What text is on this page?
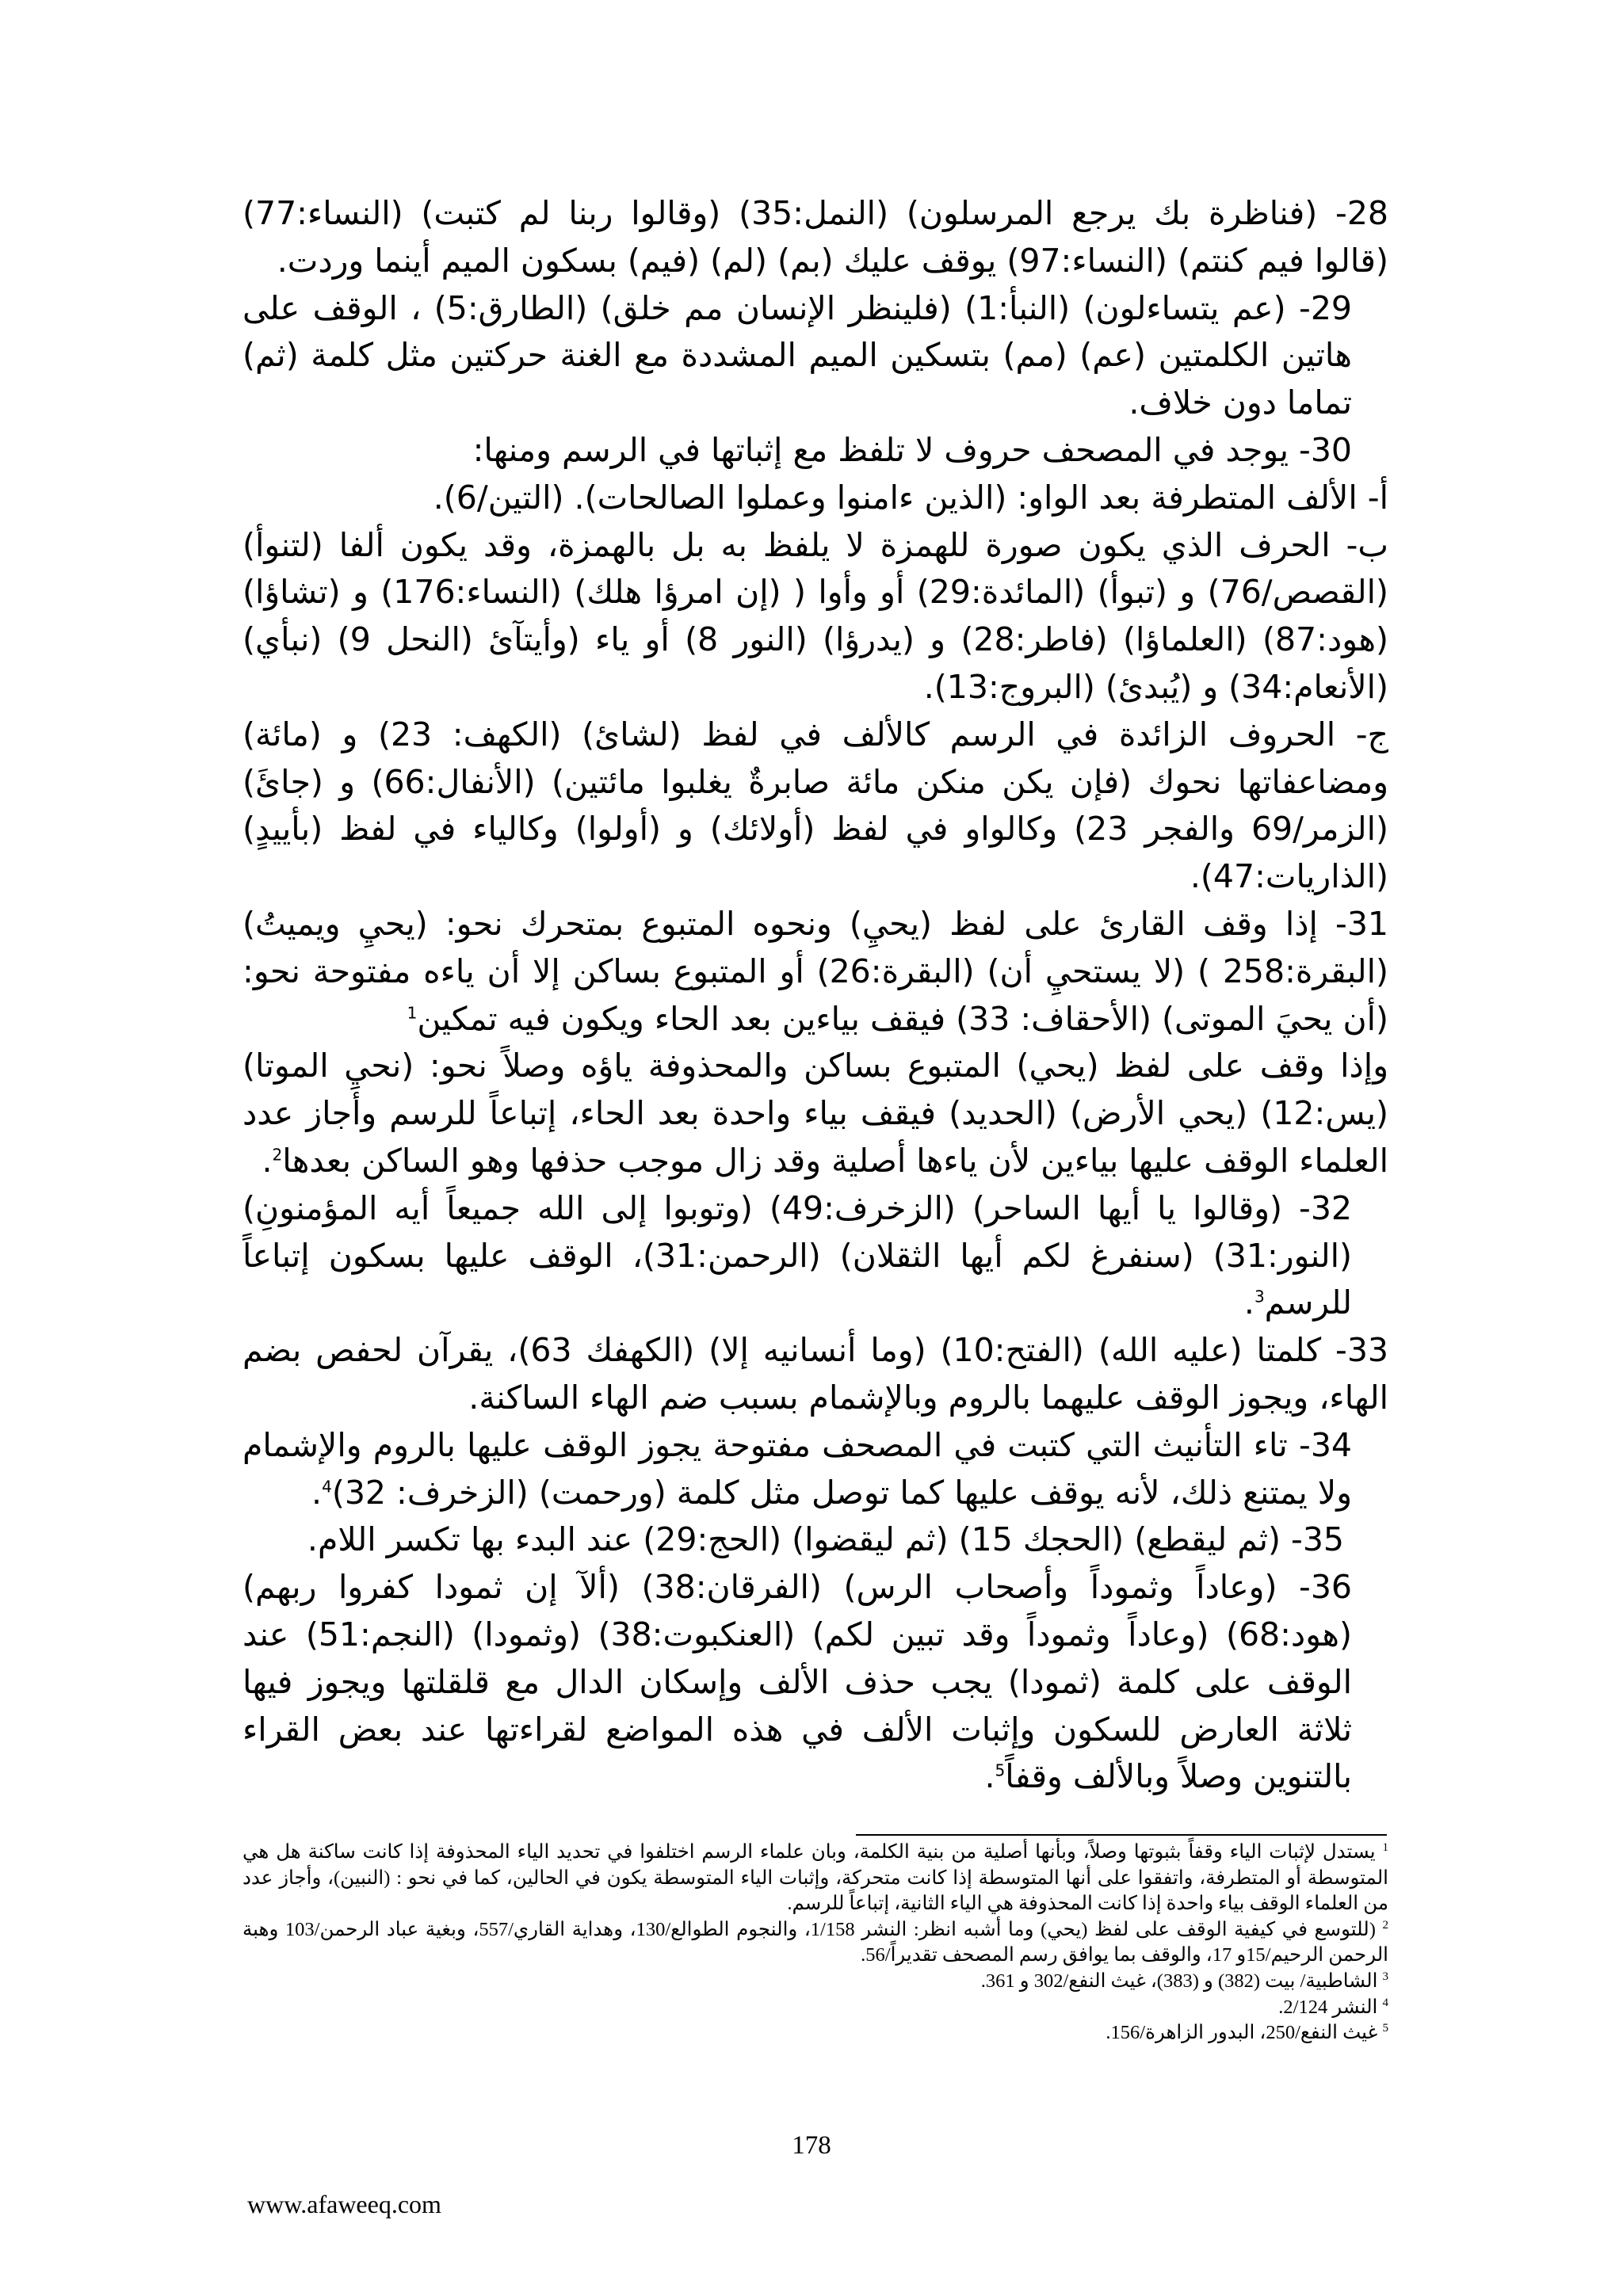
28- (فناظرة بك يرجع المرسلون) (النمل:35) (وقالوا ربنا لم كتبت) (النساء:77) (قالوا فيم كنتم) (النساء:97) يوقف عليك (بم) (لم) (فيم) بسكون الميم أينما وردت.

29- (عم يتساءلون) (النبأ:1) (فلينظر الإنسان مم خلق) (الطارق:5) ، الوقف على هاتين الكلمتين (عم) (مم) بتسكين الميم المشددة مع الغنة حركتين مثل كلمة (ثم) تماما دون خلاف.

30- يوجد في المصحف حروف لا تلفظ مع إثباتها في الرسم ومنها:

أ- الألف المتطرفة بعد الواو: (الذين ءامنوا وعملوا الصالحات). (التين/6).

ب- الحرف الذي يكون صورة للهمزة لا يلفظ به بل بالهمزة، وقد يكون ألفا (لتنوأ) (القصص/76) و (تبوأ) (المائدة:29) أو وأوا ( (إن امرؤا هلك) (النساء:176) و (تشاؤا) (هود:87) (العلماؤا) (فاطر:28) و (يدرؤا) (النور 8) أو ياء (وأيتآئ (النحل 9) (نبأي) (الأنعام:34) و (يُبدئ) (البروج:13).

ج- الحروف الزائدة في الرسم كالألف في لفظ (لشائ) (الكهف: 23) و (مائة) ومضاعفاتها نحوك (فإن يكن منكن مائة صابرةٌ يغلبوا مائتين) (الأنفال:66) و (جائَ) (الزمر/69 والفجر 23) وكالواو في لفظ (أولائك) و (أولوا) وكالياء في لفظ (بأييدٍ) (الذاريات:47).

31- إذا وقف القارئ على لفظ (يحيِ) ونحوه المتبوع بمتحرك نحو: (يحيِ ويميتُ) (البقرة:258 ) (لا يستحيِ أن) (البقرة:26) أو المتبوع بساكن إلا أن ياءه مفتوحة نحو: (أن يحيَ الموتى) (الأحقاف: 33) فيقف بياءين بعد الحاء ويكون فيه تمكين$^1$

وإذا وقف على لفظ (يحي) المتبوع بساكن والمحذوفة ياؤه وصلاً نحو: (نحيِ الموتا) (يس:12) (يحي الأرض) (الحديد) فيقف بياء واحدة بعد الحاء، إتباعاً للرسم وأجاز عدد العلماء الوقف عليها بياءين لأن ياءها أصلية وقد زال موجب حذفها وهو الساكن بعدها$^2$.

32- (وقالوا يا أيها الساحر) (الزخرف:49) (وتوبوا إلى الله جميعاً أيه المؤمنونِ) (النور:31) (سنفرغ لكم أيها الثقلان) (الرحمن:31)، الوقف عليها بسكون إتباعاً للرسم$^3$.

33- كلمتا (عليه الله) (الفتح:10) (وما أنسانيه إلا) (الكهفك 63)، يقرآن لحفص بضم الهاء، ويجوز الوقف عليهما بالروم وبالإشمام بسبب ضم الهاء الساكنة.

34- تاء التأنيث التي كتبت في المصحف مفتوحة يجوز الوقف عليها بالروم والإشمام ولا يمتنع ذلك، لأنه يوقف عليها كما توصل مثل كلمة (ورحمت) (الزخرف: 32)$^4$.

35- (ثم ليقطع) (الحجك 15) (ثم ليقضوا) (الحج:29) عند البدء بها تكسر اللام.

36- (وعاداً وثموداً وأصحاب الرس) (الفرقان:38) (ألآ إن ثمودا كفروا ربهم) (هود:68) (وعاداً وثموداً وقد تبين لكم) (العنكبوت:38) (وثمودا) (النجم:51) عند الوقف على كلمة (ثمودا) يجب حذف الألف وإسكان الدال مع قلقلتها ويجوز فيها ثلاثة العارض للسكون وإثبات الألف في هذه المواضع لقراءتها عند بعض القراء بالتنوين وصلاً وبالألف وقفاً$^5$.

$^1$ يستدل لإثبات الياء وقفاً بثبوتها وصلاً، وبأنها أصلية من بنية الكلمة، وبان علماء الرسم اختلفوا في تحديد الياء المحذوفة إذا كانت ساكنة هل هي المتوسطة أو المتطرفة، واتفقوا على أنها المتوسطة إذا كانت متحركة، وإثبات الياء المتوسطة يكون في الحالين، كما في نحو : (النبين)، وأجاز عدد من العلماء الوقف بياء واحدة إذا كانت المحذوفة هي الياء الثانية، إتباعاً للرسم.

$^2$ (للتوسع في كيفية الوقف على لفظ (يحي) وما أشبه انظر: النشر 1/158، والنجوم الطوالع/130، وهداية القاري/557، وبغية عباد الرحمن/103 وهبة الرحمن الرحيم/15و 17، والوقف بما يوافق رسم المصحف تقديراً/56.

$^3$ الشاطبية/ بيت (382) و (383)، غيث النفع/302 و 361.

$^4$ النشر 2/124.

$^5$ غيث النفع/250، البدور الزاهرة/156.

178
www.afaweeq.com
